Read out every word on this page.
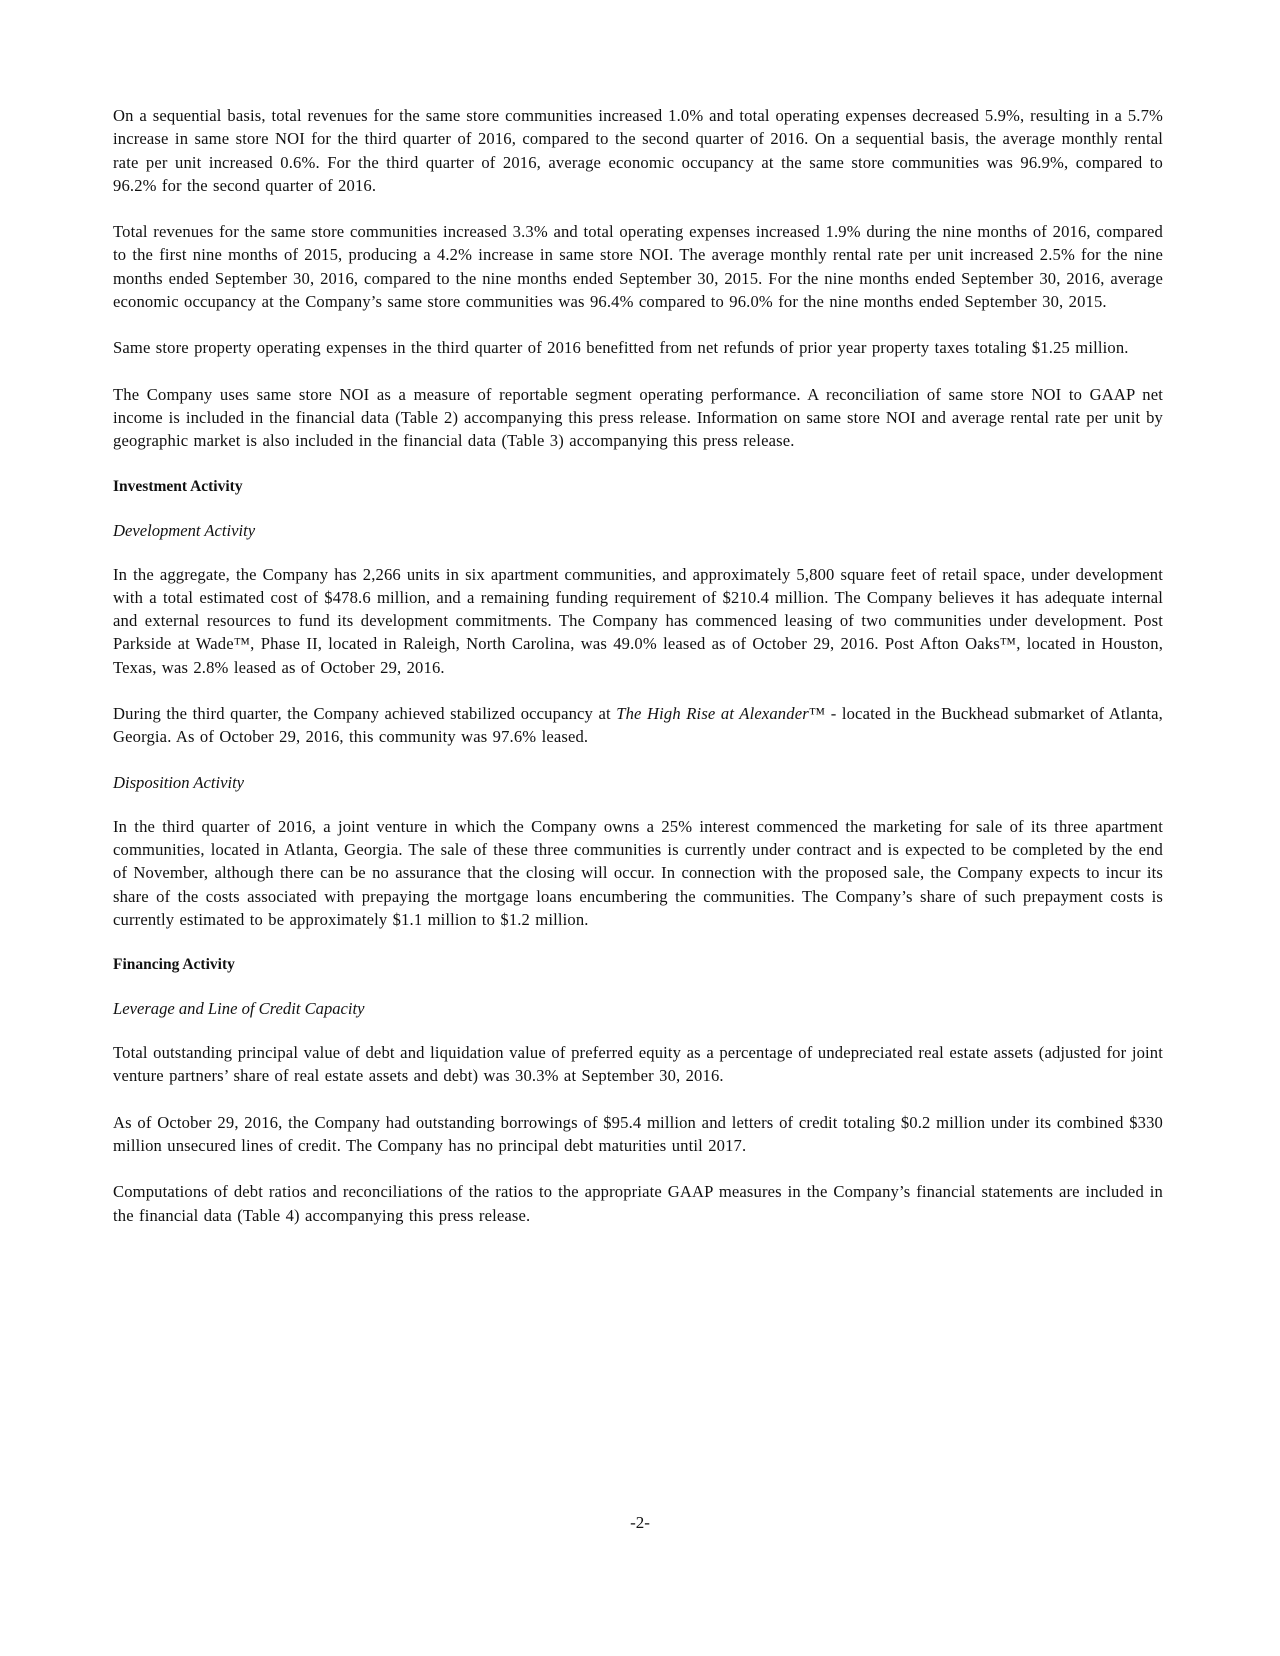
On a sequential basis, total revenues for the same store communities increased 1.0% and total operating expenses decreased 5.9%, resulting in a 5.7% increase in same store NOI for the third quarter of 2016, compared to the second quarter of 2016. On a sequential basis, the average monthly rental rate per unit increased 0.6%. For the third quarter of 2016, average economic occupancy at the same store communities was 96.9%, compared to 96.2% for the second quarter of 2016.

Total revenues for the same store communities increased 3.3% and total operating expenses increased 1.9% during the nine months of 2016, compared to the first nine months of 2015, producing a 4.2% increase in same store NOI. The average monthly rental rate per unit increased 2.5% for the nine months ended September 30, 2016, compared to the nine months ended September 30, 2015. For the nine months ended September 30, 2016, average economic occupancy at the Company’s same store communities was 96.4% compared to 96.0% for the nine months ended September 30, 2015.

Same store property operating expenses in the third quarter of 2016 benefitted from net refunds of prior year property taxes totaling $1.25 million.

The Company uses same store NOI as a measure of reportable segment operating performance. A reconciliation of same store NOI to GAAP net income is included in the financial data (Table 2) accompanying this press release. Information on same store NOI and average rental rate per unit by geographic market is also included in the financial data (Table 3) accompanying this press release.

Investment Activity
Development Activity

In the aggregate, the Company has 2,266 units in six apartment communities, and approximately 5,800 square feet of retail space, under development with a total estimated cost of $478.6 million, and a remaining funding requirement of $210.4 million. The Company believes it has adequate internal and external resources to fund its development commitments. The Company has commenced leasing of two communities under development. Post Parkside at Wade™, Phase II, located in Raleigh, North Carolina, was 49.0% leased as of October 29, 2016. Post Afton Oaks™, located in Houston, Texas, was 2.8% leased as of October 29, 2016.

During the third quarter, the Company achieved stabilized occupancy at The High Rise at Alexander™ - located in the Buckhead submarket of Atlanta, Georgia. As of October 29, 2016, this community was 97.6% leased.

Disposition Activity

In the third quarter of 2016, a joint venture in which the Company owns a 25% interest commenced the marketing for sale of its three apartment communities, located in Atlanta, Georgia. The sale of these three communities is currently under contract and is expected to be completed by the end of November, although there can be no assurance that the closing will occur. In connection with the proposed sale, the Company expects to incur its share of the costs associated with prepaying the mortgage loans encumbering the communities. The Company’s share of such prepayment costs is currently estimated to be approximately $1.1 million to $1.2 million.

Financing Activity
Leverage and Line of Credit Capacity

Total outstanding principal value of debt and liquidation value of preferred equity as a percentage of undepreciated real estate assets (adjusted for joint venture partners’ share of real estate assets and debt) was 30.3% at September 30, 2016.

As of October 29, 2016, the Company had outstanding borrowings of $95.4 million and letters of credit totaling $0.2 million under its combined $330 million unsecured lines of credit. The Company has no principal debt maturities until 2017.

Computations of debt ratios and reconciliations of the ratios to the appropriate GAAP measures in the Company’s financial statements are included in the financial data (Table 4) accompanying this press release.

-2-
